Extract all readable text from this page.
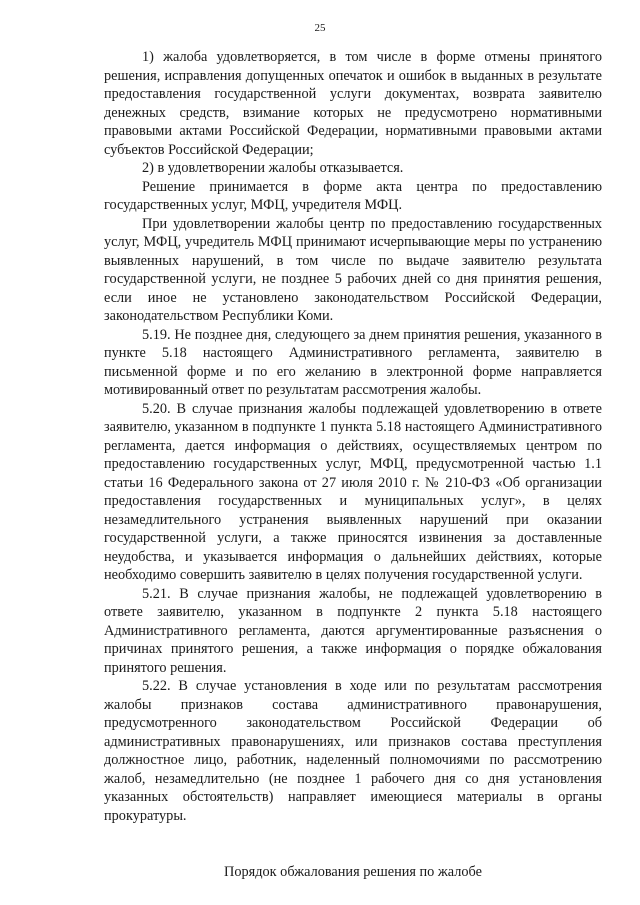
25

1) жалоба удовлетворяется, в том числе в форме отмены принятого решения, исправления допущенных опечаток и ошибок в выданных в результате предоставления государственной услуги документах, возврата заявителю денежных средств, взимание которых не предусмотрено нормативными правовыми актами Российской Федерации, нормативными правовыми актами субъектов Российской Федерации;

2) в удовлетворении жалобы отказывается.

Решение принимается в форме акта центра по предоставлению государственных услуг, МФЦ, учредителя МФЦ.

При удовлетворении жалобы центр по предоставлению государственных услуг, МФЦ, учредитель МФЦ принимают исчерпывающие меры по устранению выявленных нарушений, в том числе по выдаче заявителю результата государственной услуги, не позднее 5 рабочих дней со дня принятия решения, если иное не установлено законодательством Российской Федерации, законодательством Республики Коми.

5.19. Не позднее дня, следующего за днем принятия решения, указанного в пункте 5.18 настоящего Административного регламента, заявителю в письменной форме и по его желанию в электронной форме направляется мотивированный ответ по результатам рассмотрения жалобы.

5.20. В случае признания жалобы подлежащей удовлетворению в ответе заявителю, указанном в подпункте 1 пункта 5.18 настоящего Административного регламента, дается информация о действиях, осуществляемых центром по предоставлению государственных услуг, МФЦ, предусмотренной частью 1.1 статьи 16 Федерального закона от 27 июля 2010 г. № 210-ФЗ «Об организации предоставления государственных и муниципальных услуг», в целях незамедлительного устранения выявленных нарушений при оказании государственной услуги, а также приносятся извинения за доставленные неудобства, и указывается информация о дальнейших действиях, которые необходимо совершить заявителю в целях получения государственной услуги.

5.21. В случае признания жалобы, не подлежащей удовлетворению в ответе заявителю, указанном в подпункте 2 пункта 5.18 настоящего Административного регламента, даются аргументированные разъяснения о причинах принятого решения, а также информация о порядке обжалования принятого решения.

5.22. В случае установления в ходе или по результатам рассмотрения жалобы признаков состава административного правонарушения, предусмотренного законодательством Российской Федерации об административных правонарушениях, или признаков состава преступления должностное лицо, работник, наделенный полномочиями по рассмотрению жалоб, незамедлительно (не позднее 1 рабочего дня со дня установления указанных обстоятельств) направляет имеющиеся материалы в органы прокуратуры.

Порядок обжалования решения по жалобе
